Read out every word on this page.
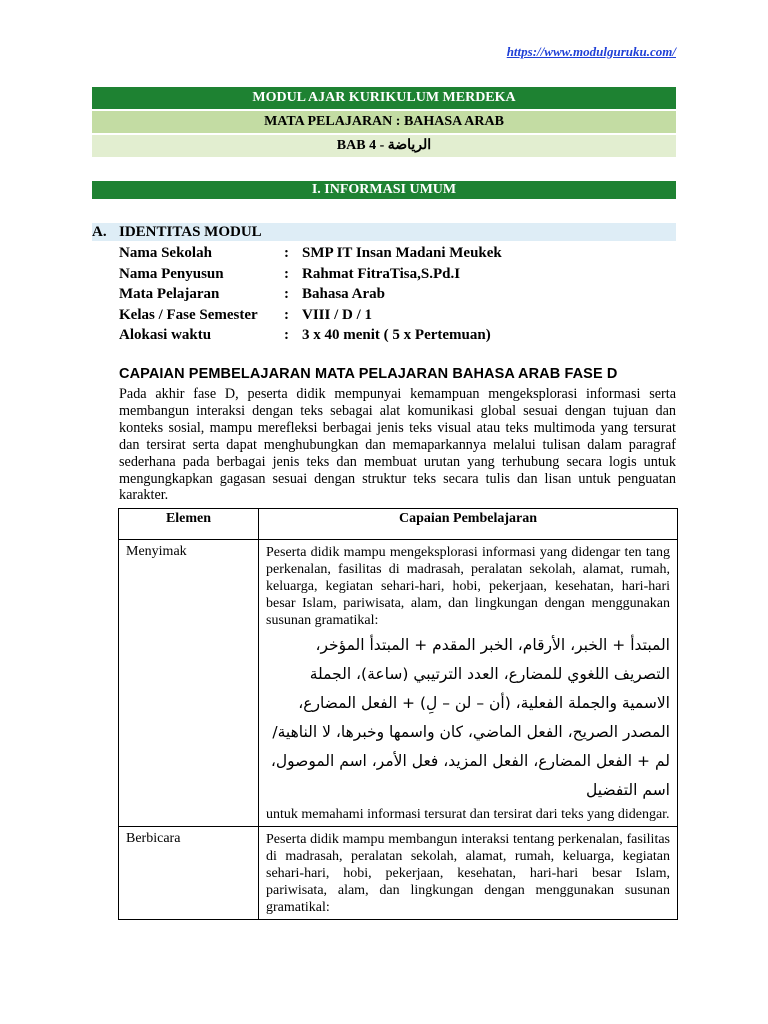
https://www.modulguruku.com/
MODUL AJAR KURIKULUM MERDEKA
MATA PELAJARAN : BAHASA ARAB
BAB 4 - الرياضة
I. INFORMASI UMUM
A. IDENTITAS MODUL
Nama Sekolah	: SMP IT Insan Madani Meukek
Nama Penyusun	: Rahmat FitraTisa,S.Pd.I
Mata Pelajaran	: Bahasa Arab
Kelas / Fase Semester : VIII / D / 1
Alokasi waktu	: 3 x 40 menit ( 5 x Pertemuan)
CAPAIAN PEMBELAJARAN MATA PELAJARAN BAHASA ARAB FASE D
Pada akhir fase D, peserta didik mempunyai kemampuan mengeksplorasi informasi serta membangun interaksi dengan teks sebagai alat komunikasi global sesuai dengan tujuan dan konteks sosial, mampu merefleksi berbagai jenis teks visual atau teks multimoda yang tersurat dan tersirat serta dapat menghubungkan dan memaparkannya melalui tulisan dalam paragraf sederhana pada berbagai jenis teks dan membuat urutan yang terhubung secara logis untuk mengungkapkan gagasan sesuai dengan struktur teks secara tulis dan lisan untuk penguatan karakter.
Elemen	Capaian Pembelajaran
Menyimak	Peserta didik mampu mengeksplorasi informasi yang didengar ten tang perkenalan, fasilitas di madrasah, peralatan sekolah, alamat, rumah, keluarga, kegiatan sehari-hari, hobi, pekerjaan, kesehatan, hari-hari besar Islam, pariwisata, alam, dan lingkungan dengan menggunakan susunan gramatikal:
المبتدأ + الخبر، الأرقام، الخبر المقدم + المبتدأ المؤخر، التصريف اللغوي للمضارع، العدد الترتيبي (ساعة)، الجملة الاسمية والجملة الفعلية، (أن – لن – لِ) + الفعل المضارع، المصدر الصريح، الفعل الماضي، كان واسمها وخبرها، لا الناهية/لم + الفعل المضارع، الفعل المزيد، فعل الأمر، اسم الموصول، اسم التفضيل
untuk memahami informasi tersurat dan tersirat dari teks yang didengar.

Berbicara	Peserta didik mampu membangun interaksi tentang perkenalan, fasilitas di madrasah, peralatan sekolah, alamat, rumah, keluarga, kegiatan sehari-hari, hobi, pekerjaan, kesehatan, hari-hari besar Islam, pariwisata, alam, dan lingkungan dengan menggunakan susunan gramatikal:
